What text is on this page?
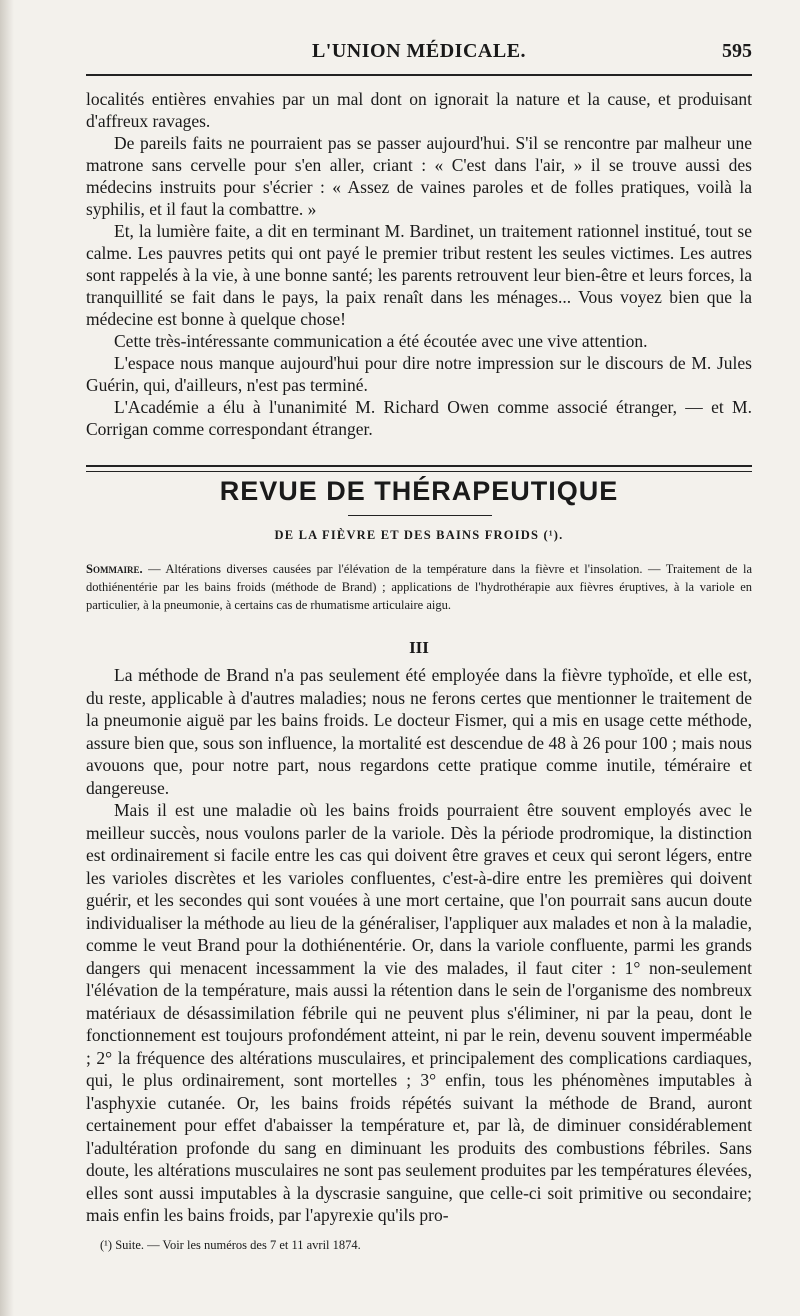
L'UNION MÉDICALE.	595

localités entières envahies par un mal dont on ignorait la nature et la cause, et produisant d'affreux ravages.

De pareils faits ne pourraient pas se passer aujourd'hui. S'il se rencontre par malheur une matrone sans cervelle pour s'en aller, criant : « C'est dans l'air, » il se trouve aussi des médecins instruits pour s'écrier : « Assez de vaines paroles et de folles pratiques, voilà la syphilis, et il faut la combattre. »

Et, la lumière faite, a dit en terminant M. Bardinet, un traitement rationnel institué, tout se calme. Les pauvres petits qui ont payé le premier tribut restent les seules victimes. Les autres sont rappelés à la vie, à une bonne santé; les parents retrouvent leur bien-être et leurs forces, la tranquillité se fait dans le pays, la paix renaît dans les ménages... Vous voyez bien que la médecine est bonne à quelque chose!

Cette très-intéressante communication a été écoutée avec une vive attention.

L'espace nous manque aujourd'hui pour dire notre impression sur le discours de M. Jules Guérin, qui, d'ailleurs, n'est pas terminé.

L'Académie a élu à l'unanimité M. Richard Owen comme associé étranger, — et M. Corrigan comme correspondant étranger.

REVUE DE THÉRAPEUTIQUE
DE LA FIÈVRE ET DES BAINS FROIDS (¹).
Sommaire. — Altérations diverses causées par l'élévation de la température dans la fièvre et l'insolation. — Traitement de la dothiénentérie par les bains froids (méthode de Brand) ; applications de l'hydrothérapie aux fièvres éruptives, à la variole en particulier, à la pneumonie, à certains cas de rhumatisme articulaire aigu.
III

La méthode de Brand n'a pas seulement été employée dans la fièvre typhoïde, et elle est, du reste, applicable à d'autres maladies; nous ne ferons certes que mentionner le traitement de la pneumonie aiguë par les bains froids. Le docteur Fismer, qui a mis en usage cette méthode, assure bien que, sous son influence, la mortalité est descendue de 48 à 26 pour 100 ; mais nous avouons que, pour notre part, nous regardons cette pratique comme inutile, téméraire et dangereuse.

Mais il est une maladie où les bains froids pourraient être souvent employés avec le meilleur succès, nous voulons parler de la variole. Dès la période prodromique, la distinction est ordinairement si facile entre les cas qui doivent être graves et ceux qui seront légers, entre les varioles discrètes et les varioles confluentes, c'est-à-dire entre les premières qui doivent guérir, et les secondes qui sont vouées à une mort certaine, que l'on pourrait sans aucun doute individualiser la méthode au lieu de la généraliser, l'appliquer aux malades et non à la maladie, comme le veut Brand pour la dothiénentérie. Or, dans la variole confluente, parmi les grands dangers qui menacent incessamment la vie des malades, il faut citer : 1° non-seulement l'élévation de la température, mais aussi la rétention dans le sein de l'organisme des nombreux matériaux de désassimilation fébrile qui ne peuvent plus s'éliminer, ni par la peau, dont le fonctionnement est toujours profondément atteint, ni par le rein, devenu souvent imperméable ; 2° la fréquence des altérations musculaires, et principalement des complications cardiaques, qui, le plus ordinairement, sont mortelles ; 3° enfin, tous les phénomènes imputables à l'asphyxie cutanée. Or, les bains froids répétés suivant la méthode de Brand, auront certainement pour effet d'abaisser la température et, par là, de diminuer considérablement l'adultération profonde du sang en diminuant les produits des combustions fébriles. Sans doute, les altérations musculaires ne sont pas seulement produites par les températures élevées, elles sont aussi imputables à la dyscrasie sanguine, que celle-ci soit primitive ou secondaire; mais enfin les bains froids, par l'apyrexie qu'ils pro-

(¹) Suite. — Voir les numéros des 7 et 11 avril 1874.
